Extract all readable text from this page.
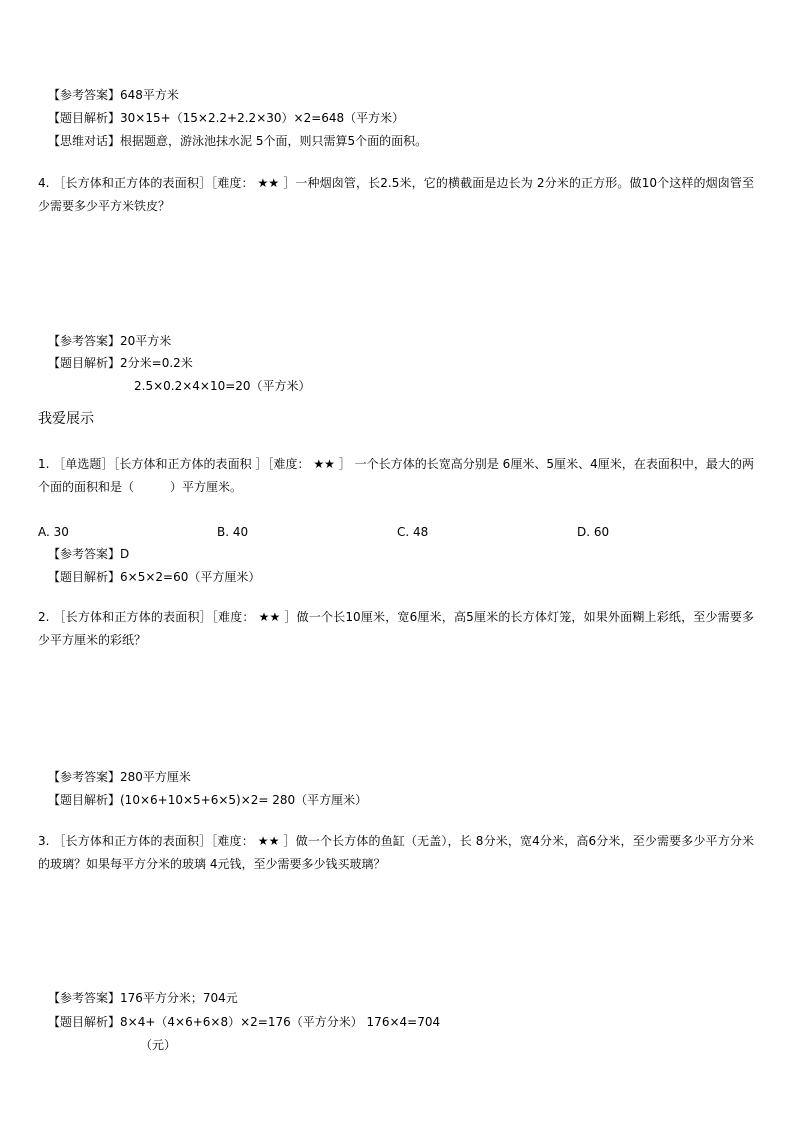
【参考答案】648平方米
【题目解析】30×15+（15×2.2+2.2×30）×2=648（平方米）
【思维对话】根据题意，游泳池抹水泥 5个面，则只需算5个面的面积。
4. ［长方体和正方体的表面积］［难度： ★★ ］一种烟囱管，长2.5米，它的横截面是边长为 2分米的正方形。做10个这样的烟囱管至少需要多少平方米铁皮？
【参考答案】20平方米
【题目解析】2分米=0.2米
2.5×0.2×4×10=20（平方米）
我爱展示
1. ［单选题］［长方体和正方体的表面积 ］［难度： ★★ ］ 一个长方体的长宽高分别是 6厘米、5厘米、4厘米，在表面积中，最大的两个面的面积和是（　　　）平方厘米。
A. 30	B. 40	C. 48	D. 60
【参考答案】D
【题目解析】6×5×2=60（平方厘米）
2. ［长方体和正方体的表面积］［难度： ★★ ］做一个长10厘米，宽6厘米，高5厘米的长方体灯笼，如果外面糊上彩纸，至少需要多少平方厘米的彩纸？
【参考答案】280平方厘米
【题目解析】(10×6+10×5+6×5)×2= 280（平方厘米）
3. ［长方体和正方体的表面积］［难度： ★★ ］做一个长方体的鱼缸（无盖），长 8分米，宽4分米，高6分米，至少需要多少平方分米的玻璃？如果每平方分米的玻璃 4元钱，至少需要多少钱买玻璃？
【参考答案】176平方分米；704元
【题目解析】8×4+（4×6+6×8）×2=176（平方分米） 176×4=704
（元）
